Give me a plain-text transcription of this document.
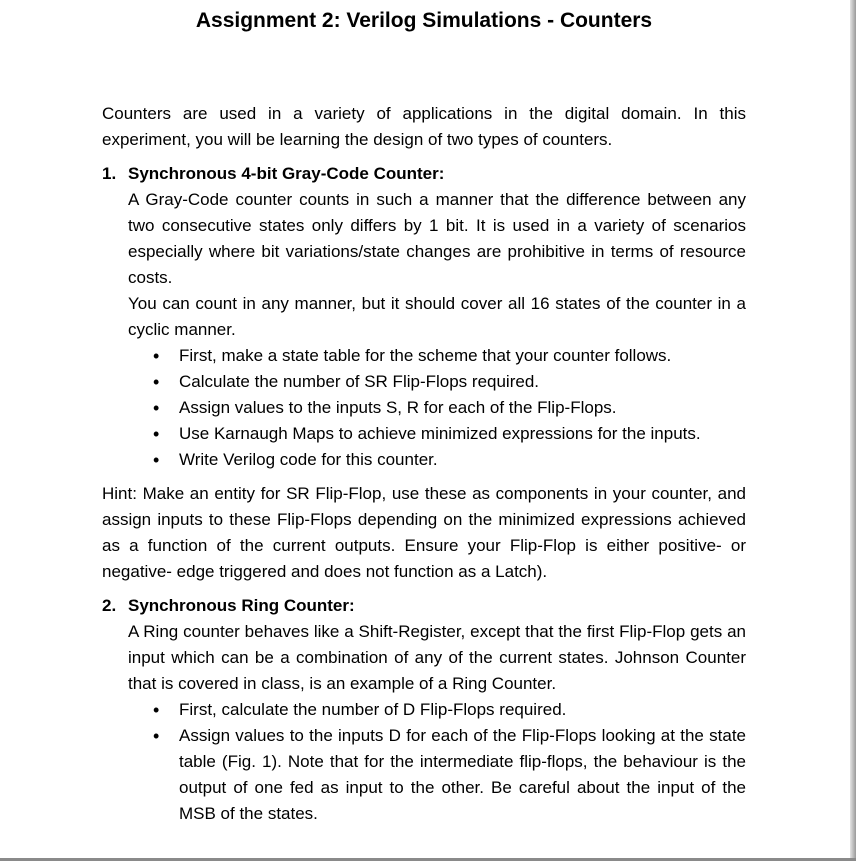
Assignment 2: Verilog Simulations - Counters

Counters are used in a variety of applications in the digital domain. In this experiment, you will be learning the design of two types of counters.

1. Synchronous 4-bit Gray-Code Counter:

A Gray-Code counter counts in such a manner that the difference between any two consecutive states only differs by 1 bit. It is used in a variety of scenarios especially where bit variations/state changes are prohibitive in terms of resource costs.

You can count in any manner, but it should cover all 16 states of the counter in a cyclic manner.

• First, make a state table for the scheme that your counter follows.
• Calculate the number of SR Flip-Flops required.
• Assign values to the inputs S, R for each of the Flip-Flops.
• Use Karnaugh Maps to achieve minimized expressions for the inputs.
• Write Verilog code for this counter.

Hint: Make an entity for SR Flip-Flop, use these as components in your counter, and assign inputs to these Flip-Flops depending on the minimized expressions achieved as a function of the current outputs. Ensure your Flip-Flop is either positive- or negative- edge triggered and does not function as a Latch).

2. Synchronous Ring Counter:

A Ring counter behaves like a Shift-Register, except that the first Flip-Flop gets an input which can be a combination of any of the current states. Johnson Counter that is covered in class, is an example of a Ring Counter.

• First, calculate the number of D Flip-Flops required.
• Assign values to the inputs D for each of the Flip-Flops looking at the state table (Fig. 1). Note that for the intermediate flip-flops, the behaviour is the output of one fed as input to the other. Be careful about the input of the MSB of the states.
